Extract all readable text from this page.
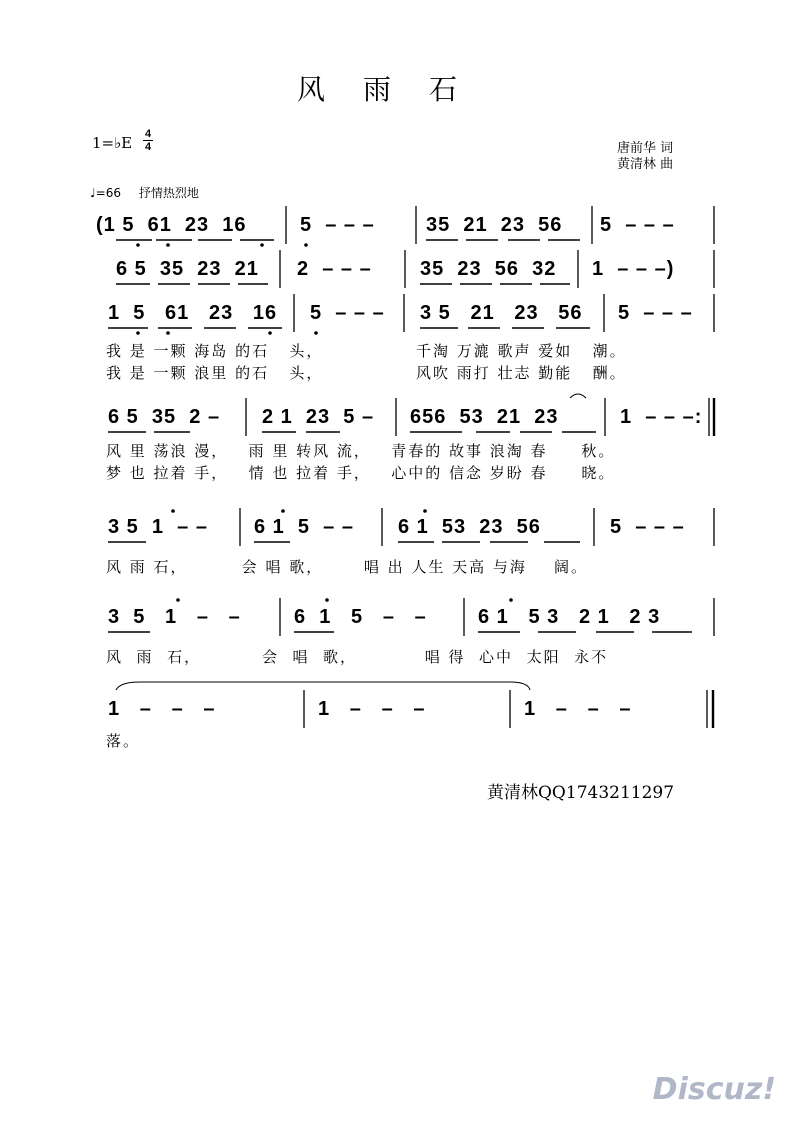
风雨石
1=♭E 4
4	唐前华 词
黄清林 曲
♩=66 抒情热烈地
(1 5  61  23  16	5  – – –	35  21  23  56 5  – – –
6 5  35  23  21 2  – – – 35  23  56  32 1  – – –)
1  5   61   23   16 5  – – – 3 5   21   23   56 5  – – –
我 是 一颗 海岛 的石   头，	千淘 万漉 歌声 爱如   潮。
我 是 一颗 浪里 的石   头，	风吹 雨打 壮志 勤能   酬。
6 5  35  2 – 2 1  23  5 – 656  53  21  23	1  – – –:
风 里 荡浪 漫，   雨 里 转风 流，   青春的 故事 浪淘 春     秋。
梦 也 拉着 手，   情 也 拉着 手，   心中的 信念 岁盼 春     晓。
3 5  1  – – 6 1  5  – – 6 1  53  23  56	5  – – –
风 雨 石，        会 唱 歌，      唱 出 人生 天高 与海    阔。
3  5   1   –   –	6  1   5   –   –	6 1   5 3   2 1   2 3
风  雨  石，         会  唱  歌，          唱 得  心中  太阳  永不
1   –   –   –	1   –   –   –	1   –   –   –
落。
黄清林QQ1743211297
Discuz!
